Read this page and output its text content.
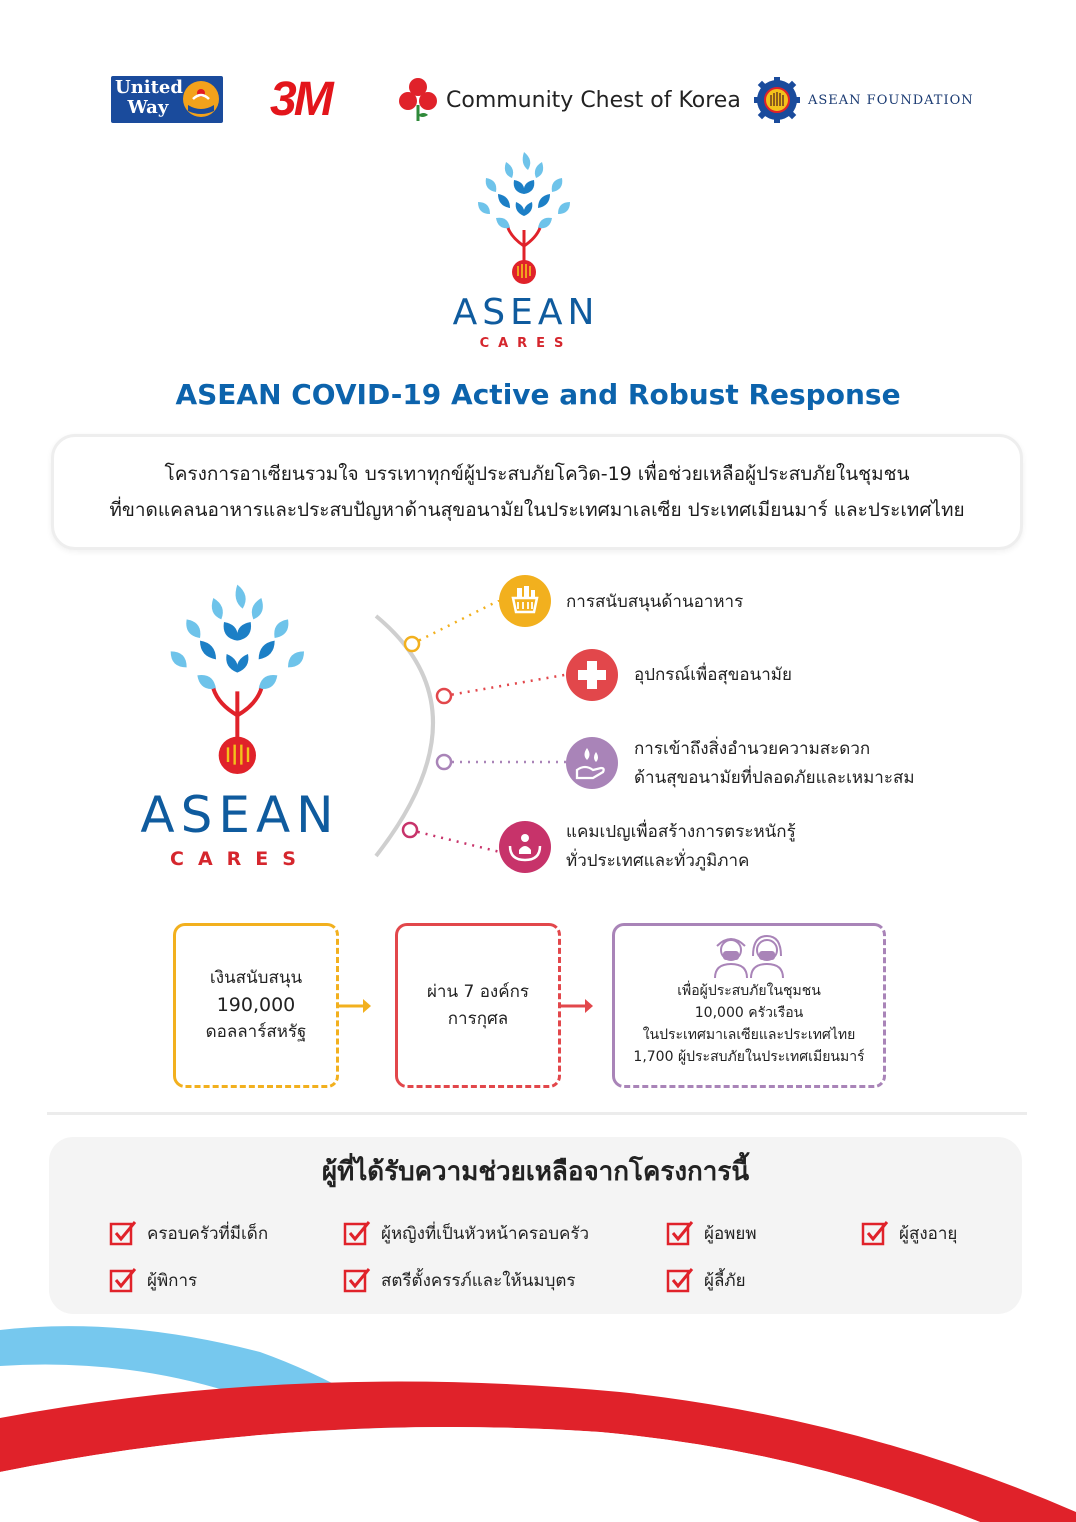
United
Way	3M	Community Chest of Korea	ASEAN FOUNDATION
ASEAN
CARES
ASEAN COVID-19 Active and Robust Response
โครงการอาเซียนรวมใจ บรรเทาทุกข์ผู้ประสบภัยโควิด-19 เพื่อช่วยเหลือผู้ประสบภัยในชุมชน
ที่ขาดแคลนอาหารและประสบปัญหาด้านสุขอนามัยในประเทศมาเลเซีย ประเทศเมียนมาร์ และประเทศไทย
ASEAN
CARES
การสนับสนุนด้านอาหาร
อุปกรณ์เพื่อสุขอนามัย
การเข้าถึงสิ่งอำนวยความสะดวก
ด้านสุขอนามัยที่ปลอดภัยและเหมาะสม
แคมเปญเพื่อสร้างการตระหนักรู้
ทั่วประเทศและทั่วภูมิภาค
เงินสนับสนุน
190,000
ดอลลาร์สหรัฐ
ผ่าน 7 องค์กร
การกุศล
เพื่อผู้ประสบภัยในชุมชน
10,000 ครัวเรือน
ในประเทศมาเลเซียและประเทศไทย
1,700 ผู้ประสบภัยในประเทศเมียนมาร์
ผู้ที่ได้รับความช่วยเหลือจากโครงการนี้
ครอบครัวที่มีเด็ก	ผู้หญิงที่เป็นหัวหน้าครอบครัว	ผู้อพยพ	ผู้สูงอายุ
ผู้พิการ	สตรีตั้งครรภ์และให้นมบุตร	ผู้ลี้ภัย
